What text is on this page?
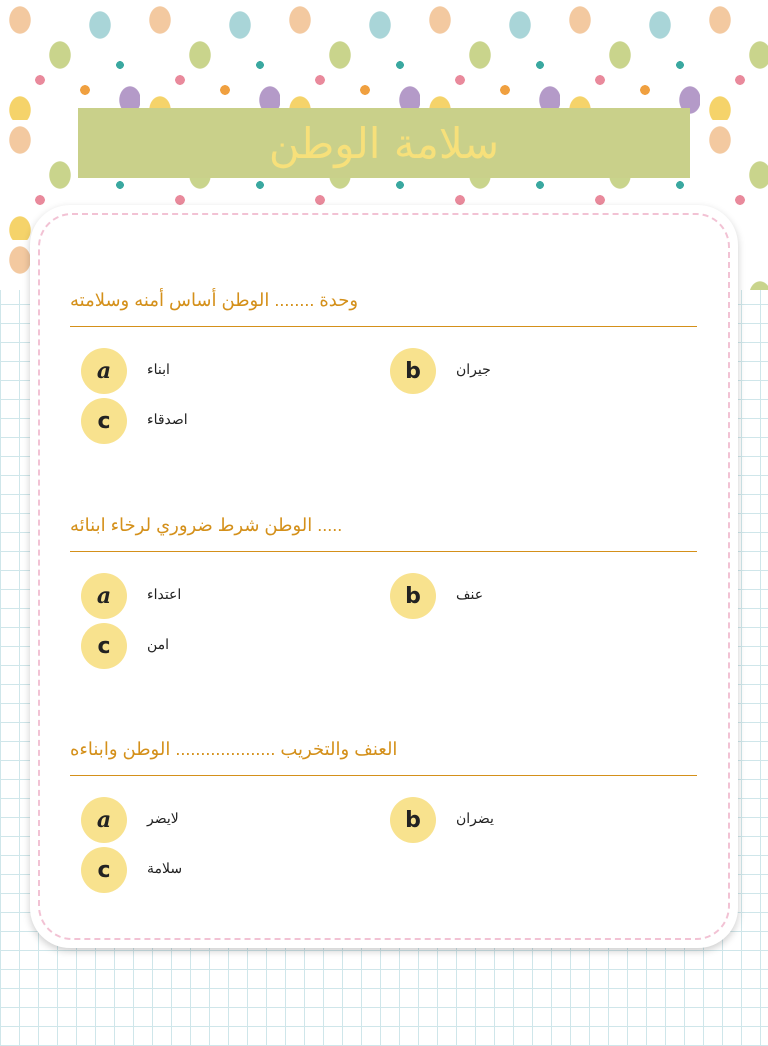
سلامة الوطن
وحدة ........ الوطن أساس أمنه وسلامته
a	ابناء	b	جيران
c	اصدقاء
..... الوطن شرط ضروري لرخاء ابنائه
a	اعتداء	b	عنف
c	امن
العنف والتخريب .................... الوطن وابناءه
a	لايضر	b	يضران
c	سلامة
